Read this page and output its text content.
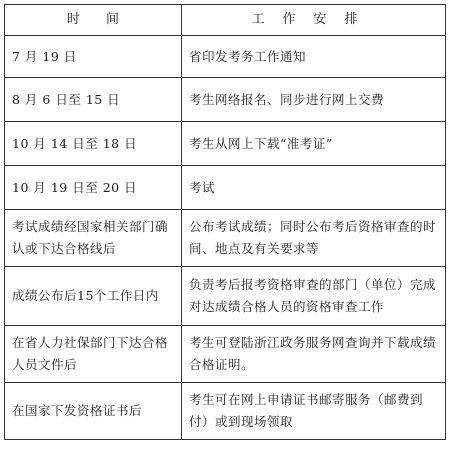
时　　间	工作安排
7 月 19 日	省印发考务工作通知
8 月 6 日至 15 日	考生网络报名、同步进行网上交费
10 月 14 日至 18 日	考生从网上下载“准考证”
10 月 19 日至 20 日	考试
考试成绩经国家相关部门确认或下达合格线后	公布考试成绩；同时公布考后资格审查的时间、地点及有关要求等
成绩公布后15个工作日内	负责考后报考资格审查的部门（单位）完成对达成绩合格人员的资格审查工作
在省人力社保部门下达合格人员文件后	考生可登陆浙江政务服务网查询并下载成绩合格证明。
在国家下发资格证书后	考生可在网上申请证书邮寄服务（邮费到付）或到现场领取
